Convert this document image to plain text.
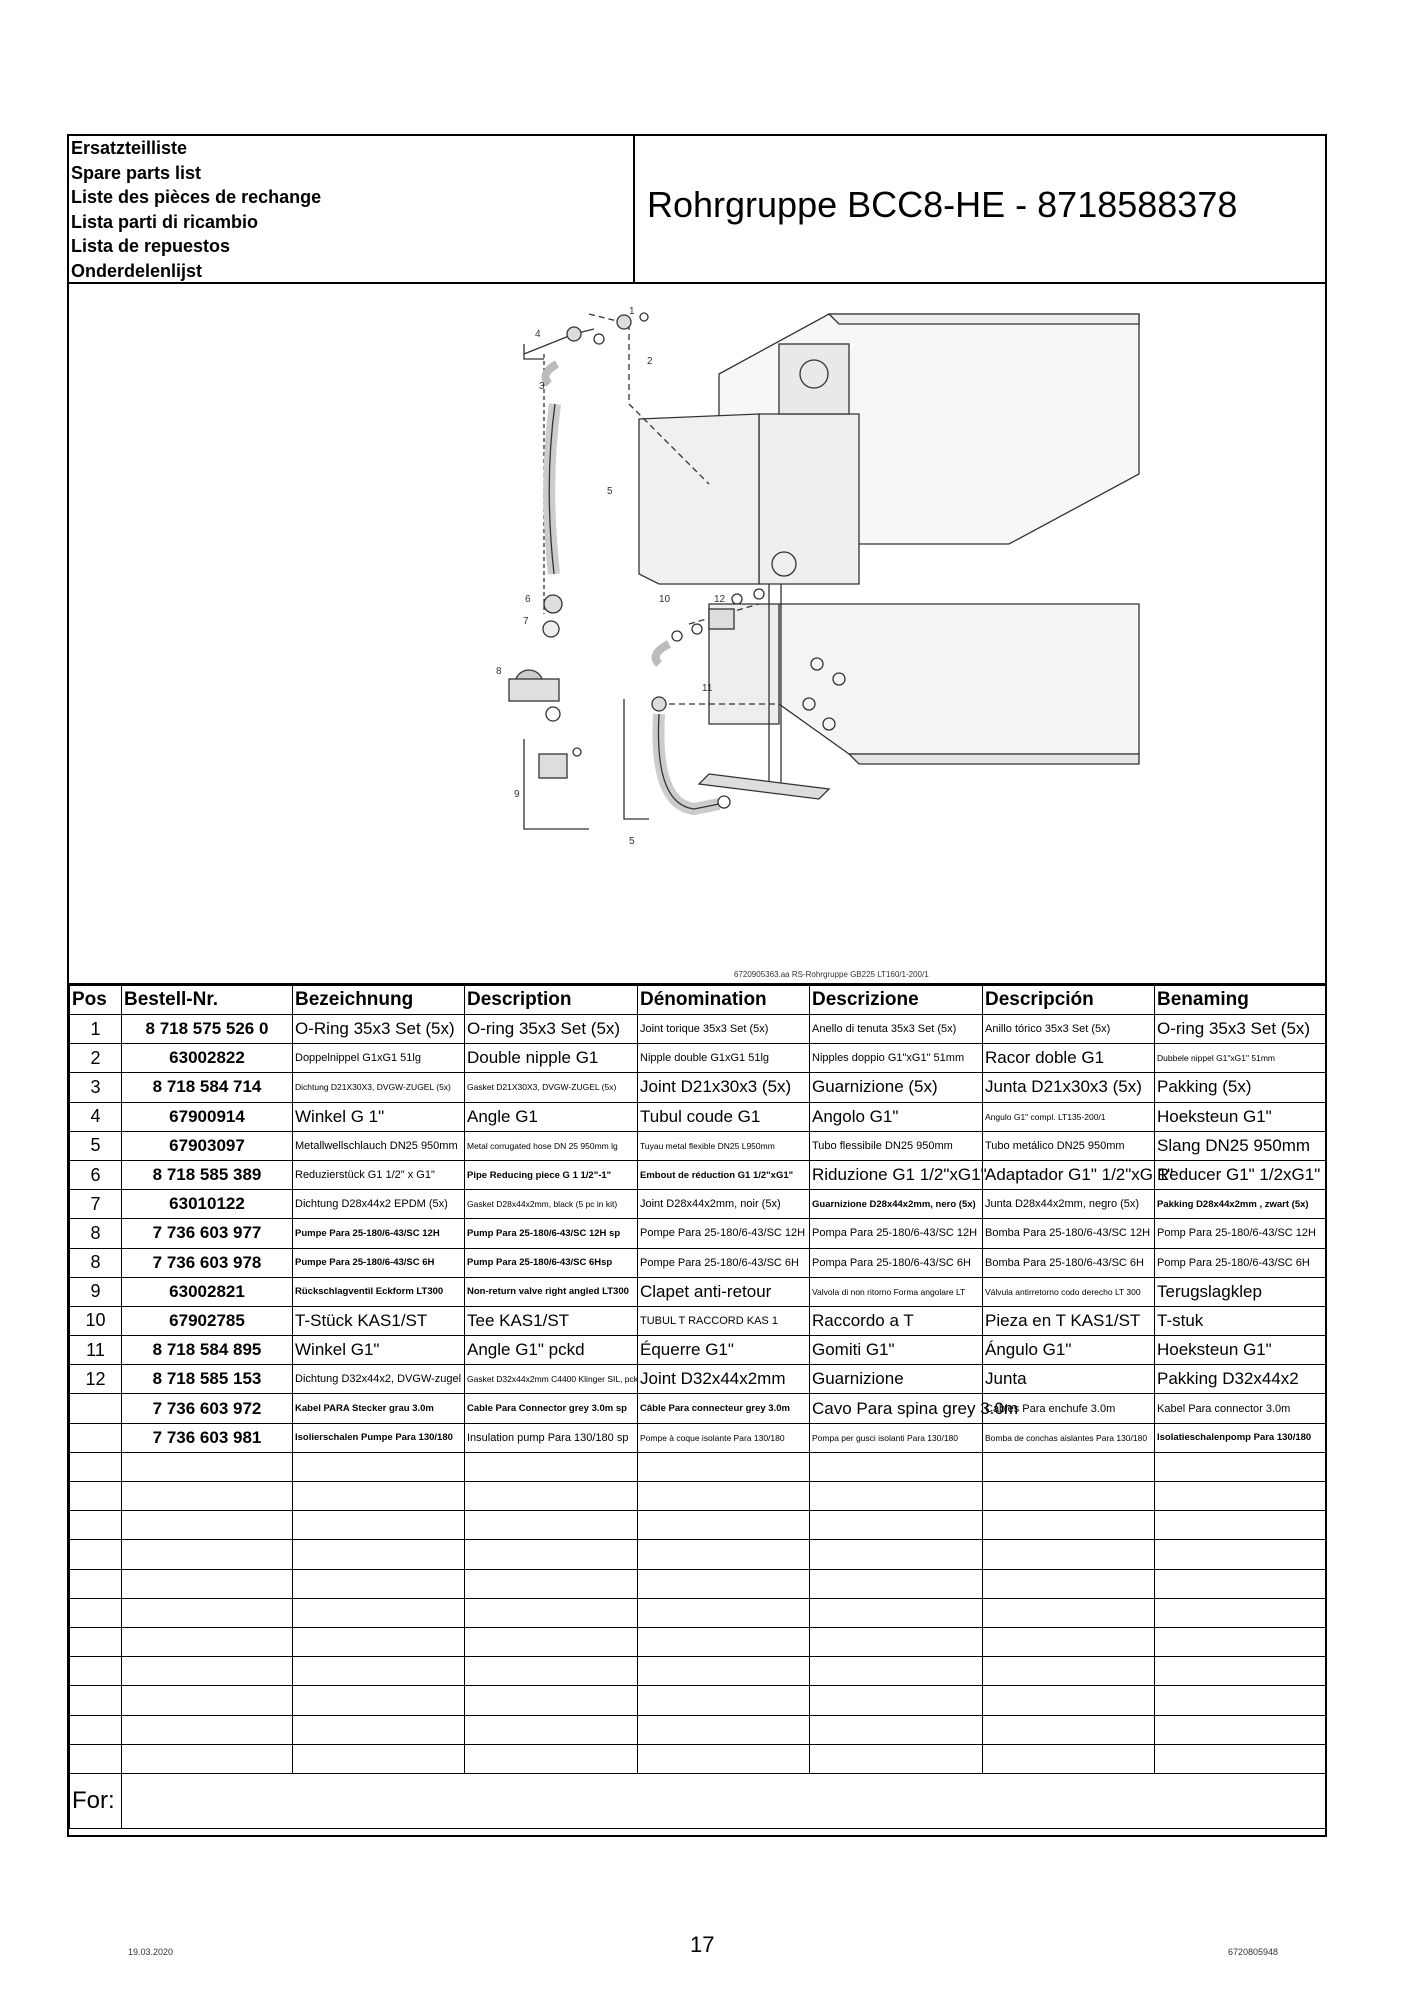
Ersatzteilliste
Spare parts list
Liste des pièces de rechange
Lista parti di ricambio
Lista de repuestos
Onderdelenlijst
Rohrgruppe BCC8-HE - 8718588378
1
2
3
4
5
6
7
8
9
10
11
12
5
6720905363.aa RS-Rohrgruppe GB225 LT160/1-200/1
Pos	Bestell-Nr.	Bezeichnung	Description	Dénomination	Descrizione	Descripción	Benaming
1	8 718 575 526 0	O-Ring 35x3 Set (5x)	O-ring 35x3 Set (5x)	Joint torique 35x3 Set (5x)	Anello di tenuta 35x3 Set (5x)	Anillo tórico 35x3 Set (5x)	O-ring 35x3 Set (5x)
2	63002822	Doppelnippel G1xG1 51lg	Double nipple G1	Nipple double G1xG1 51lg	Nipples doppio G1"xG1" 51mm	Racor doble G1	Dubbele nippel G1"xG1" 51mm
3	8 718 584 714	Dichtung D21X30X3, DVGW-ZUGEL (5x)	Gasket D21X30X3, DVGW-ZUGEL (5x)	Joint D21x30x3 (5x)	Guarnizione (5x)	Junta D21x30x3 (5x)	Pakking (5x)
4	67900914	Winkel G 1"	Angle G1	Tubul coude G1	Angolo G1"	Angulo G1" compl. LT135-200/1	Hoeksteun G1"
5	67903097	Metallwellschlauch DN25 950mm	Metal corrugated hose DN 25 950mm lg	Tuyau metal flexible DN25 L950mm	Tubo flessibile DN25 950mm	Tubo metálico DN25 950mm	Slang DN25 950mm
6	8 718 585 389	Reduzierstück G1 1/2" x G1"	Pipe Reducing piece G 1 1/2"-1"	Embout de réduction G1 1/2"xG1"	Riduzione G1 1/2"xG1"	Adaptador G1" 1/2"xG 1"	Reducer G1" 1/2xG1"
7	63010122	Dichtung D28x44x2 EPDM (5x)	Gasket D28x44x2mm, black (5 pc in kit)	Joint D28x44x2mm, noir (5x)	Guarnizione D28x44x2mm, nero (5x)	Junta D28x44x2mm, negro (5x)	Pakking D28x44x2mm , zwart (5x)
8	7 736 603 977	Pumpe Para 25-180/6-43/SC 12H	Pump Para 25-180/6-43/SC 12H sp	Pompe Para 25-180/6-43/SC 12H	Pompa Para 25-180/6-43/SC 12H	Bomba Para 25-180/6-43/SC 12H	Pomp Para 25-180/6-43/SC 12H
8	7 736 603 978	Pumpe Para 25-180/6-43/SC 6H	Pump Para 25-180/6-43/SC 6Hsp	Pompe Para 25-180/6-43/SC 6H	Pompa Para 25-180/6-43/SC 6H	Bomba Para 25-180/6-43/SC 6H	Pomp Para 25-180/6-43/SC 6H
9	63002821	Rückschlagventil Eckform LT300	Non-return valve right angled LT300	Clapet anti-retour	Valvola di non ritorno Forma angolare LT	Válvula antirretorno codo derecho LT 300	Terugslagklep
10	67902785	T-Stück KAS1/ST	Tee KAS1/ST	TUBUL T RACCORD KAS 1	Raccordo a T	Pieza en T KAS1/ST	T-stuk
11	8 718 584 895	Winkel G1"	Angle G1" pckd	Équerre G1"	Gomiti G1"	Ángulo G1"	Hoeksteun G1"
12	8 718 585 153	Dichtung D32x44x2, DVGW-zugel	Gasket D32x44x2mm C4400 Klinger SIL, pck	Joint D32x44x2mm	Guarnizione	Junta	Pakking D32x44x2
	7 736 603 972	Kabel PARA Stecker grau 3.0m	Cable Para Connector grey 3.0m sp	Câble Para connecteur grey 3.0m	Cavo Para spina grey 3.0m	Cables Para enchufe 3.0m	Kabel Para connector 3.0m
	7 736 603 981	Isolierschalen Pumpe Para 130/180	Insulation pump Para 130/180 sp	Pompe à coque isolante Para 130/180	Pompa per gusci isolanti Para 130/180	Bomba de conchas aislantes Para 130/180	Isolatieschalenpomp Para 130/180

For:							
19.03.2020	17	6720805948
